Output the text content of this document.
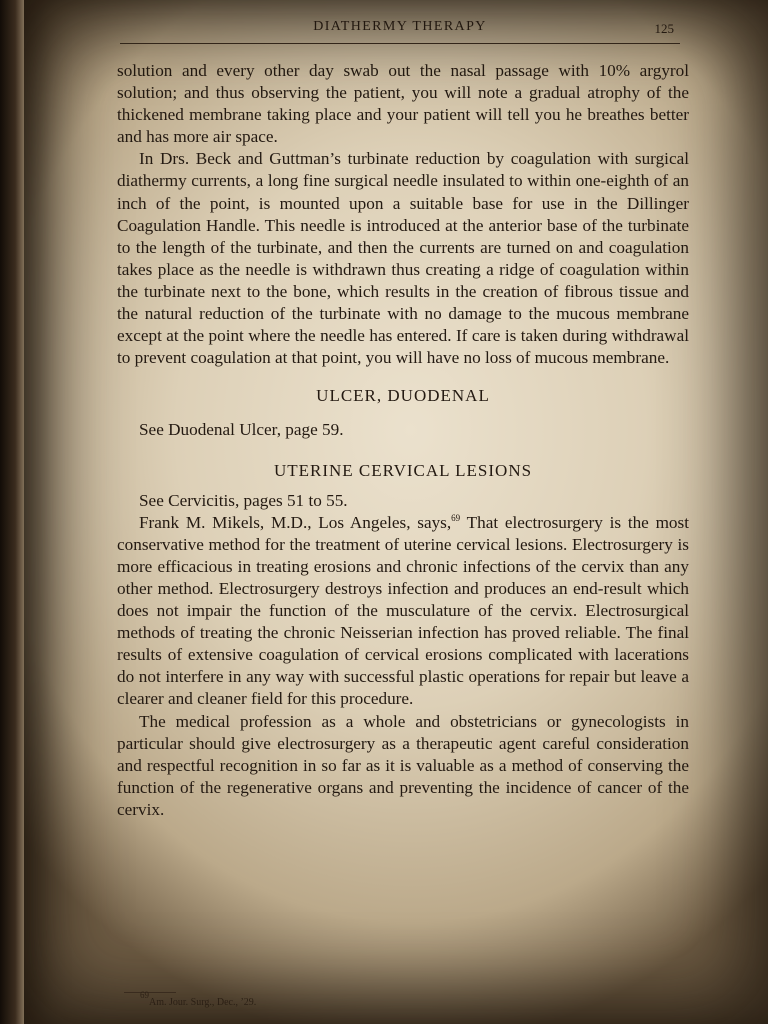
DIATHERMY THERAPY	125

solution and every other day swab out the nasal passage with 10% argyrol solution; and thus observing the patient, you will note a gradual atrophy of the thickened membrane taking place and your patient will tell you he breathes better and has more air space.

In Drs. Beck and Guttman’s turbinate reduction by coagulation with surgical diathermy currents, a long fine surgical needle insulated to within one-eighth of an inch of the point, is mounted upon a suitable base for use in the Dillinger Coagulation Handle. This needle is introduced at the anterior base of the turbinate to the length of the turbinate, and then the currents are turned on and coagulation takes place as the needle is withdrawn thus creating a ridge of coagulation within the turbinate next to the bone, which results in the creation of fibrous tissue and the natural reduction of the turbinate with no damage to the mucous membrane except at the point where the needle has entered. If care is taken during withdrawal to prevent coagulation at that point, you will have no loss of mucous membrane.

ULCER, DUODENAL

See Duodenal Ulcer, page 59.

UTERINE CERVICAL LESIONS

See Cervicitis, pages 51 to 55.

Frank M. Mikels, M.D., Los Angeles, says,$^{69}$ That electrosurgery is the most conservative method for the treatment of uterine cervical lesions. Electrosurgery is more efficacious in treating erosions and chronic infections of the cervix than any other method. Electrosurgery destroys infection and produces an end-result which does not impair the function of the musculature of the cervix. Electrosurgical methods of treating the chronic Neisserian infection has proved reliable. The final results of extensive coagulation of cervical erosions complicated with lacerations do not interfere in any way with successful plastic operations for repair but leave a clearer and cleaner field for this procedure.

The medical profession as a whole and obstetricians or gynecologists in particular should give electrosurgery as a therapeutic agent careful consideration and respectful recognition in so far as it is valuable as a method of conserving the function of the regenerative organs and preventing the incidence of cancer of the cervix.

$^{69}$Am. Jour. Surg., Dec., ’29.
